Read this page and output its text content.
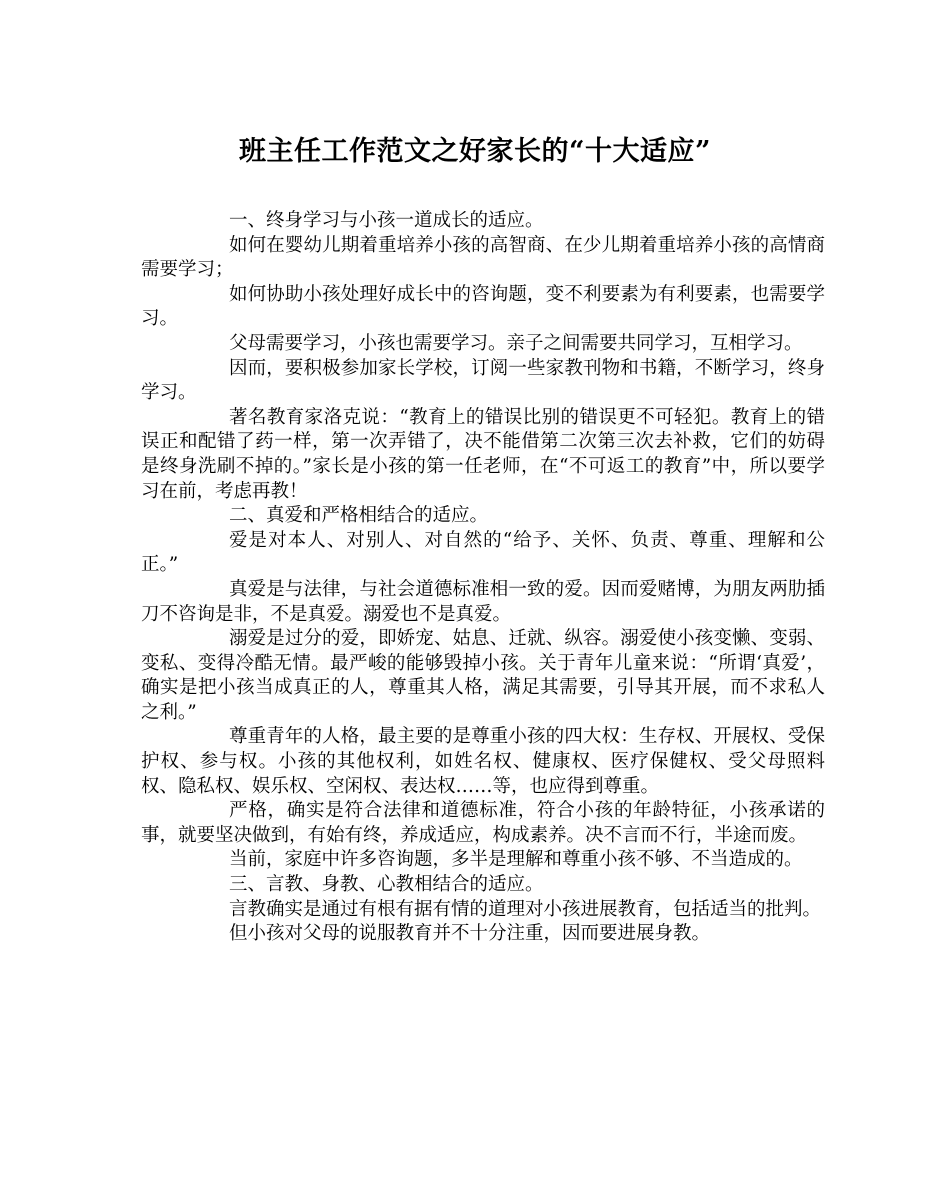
班主任工作范文之好家长的“十大适应”

一、终身学习与小孩一道成长的适应。

如何在婴幼儿期着重培养小孩的高智商、在少儿期着重培养小孩的高情商需要学习；

如何协助小孩处理好成长中的咨询题，变不利要素为有利要素，也需要学习。

父母需要学习，小孩也需要学习。亲子之间需要共同学习，互相学习。

因而，要积极参加家长学校，订阅一些家教刊物和书籍，不断学习，终身学习。

著名教育家洛克说：“教育上的错误比别的错误更不可轻犯。教育上的错误正和配错了药一样，第一次弄错了，决不能借第二次第三次去补救，它们的妨碍是终身洗刷不掉的。”家长是小孩的第一任老师，在“不可返工的教育”中，所以要学习在前，考虑再教！

二、真爱和严格相结合的适应。

爱是对本人、对别人、对自然的“给予、关怀、负责、尊重、理解和公正。”

真爱是与法律，与社会道德标准相一致的爱。因而爱赌博，为朋友两肋插刀不咨询是非，不是真爱。溺爱也不是真爱。

溺爱是过分的爱，即娇宠、姑息、迁就、纵容。溺爱使小孩变懒、变弱、变私、变得冷酷无情。最严峻的能够毁掉小孩。关于青年儿童来说：“所谓‘真爱’，确实是把小孩当成真正的人，尊重其人格，满足其需要，引导其开展，而不求私人之利。”

尊重青年的人格，最主要的是尊重小孩的四大权：生存权、开展权、受保护权、参与权。小孩的其他权利，如姓名权、健康权、医疗保健权、受父母照料权、隐私权、娱乐权、空闲权、表达权……等，也应得到尊重。

严格，确实是符合法律和道德标准，符合小孩的年龄特征，小孩承诺的事，就要坚决做到，有始有终，养成适应，构成素养。决不言而不行，半途而废。

当前，家庭中许多咨询题，多半是理解和尊重小孩不够、不当造成的。

三、言教、身教、心教相结合的适应。

言教确实是通过有根有据有情的道理对小孩进展教育，包括适当的批判。

但小孩对父母的说服教育并不十分注重，因而要进展身教。
